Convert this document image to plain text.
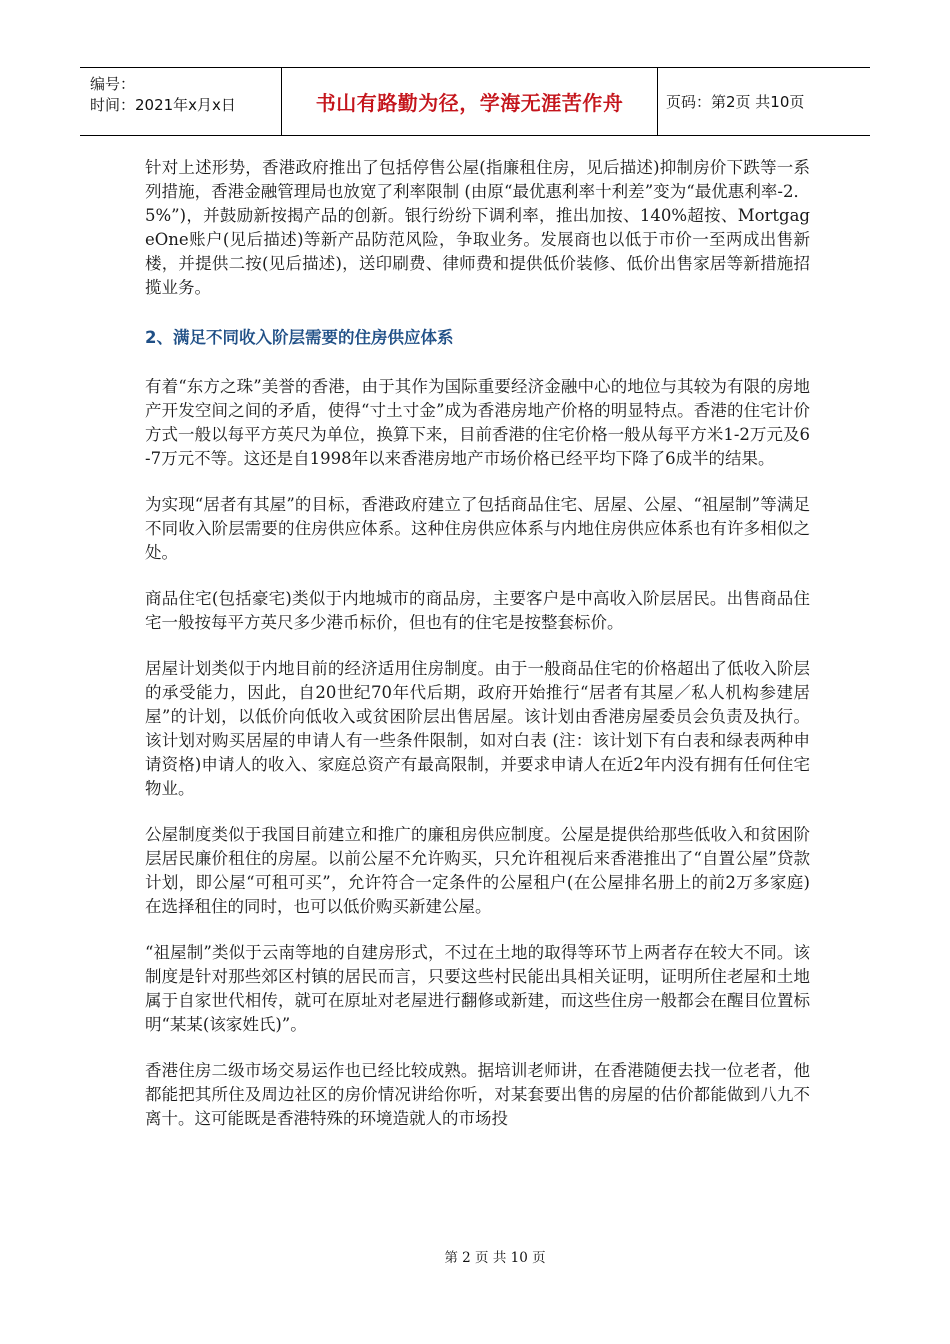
编号：
时间：2021年x月x日	书山有路勤为径，学海无涯苦作舟	页码：第2页 共10页

针对上述形势，香港政府推出了包括停售公屋(指廉租住房，见后描述)抑制房价下跌等一系列措施，香港金融管理局也放宽了利率限制 (由原“最优惠利率十利差”变为“最优惠利率-2．5%”)，并鼓励新按揭产品的创新。银行纷纷下调利率，推出加按、140%超按、MortgageOne账户(见后描述)等新产品防范风险，争取业务。发展商也以低于市价一至两成出售新楼，并提供二按(见后描述)，送印刷费、律师费和提供低价装修、低价出售家居等新措施招揽业务。

2、满足不同收入阶层需要的住房供应体系

有着“东方之珠”美誉的香港，由于其作为国际重要经济金融中心的地位与其较为有限的房地产开发空间之间的矛盾，使得“寸土寸金”成为香港房地产价格的明显特点。香港的住宅计价方式一般以每平方英尺为单位，换算下来，目前香港的住宅价格一般从每平方米1-2万元及6-7万元不等。这还是自1998年以来香港房地产市场价格已经平均下降了6成半的结果。

为实现“居者有其屋”的目标，香港政府建立了包括商品住宅、居屋、公屋、“祖屋制”等满足不同收入阶层需要的住房供应体系。这种住房供应体系与内地住房供应体系也有许多相似之处。

商品住宅(包括豪宅)类似于内地城市的商品房，主要客户是中高收入阶层居民。出售商品住宅一般按每平方英尺多少港币标价，但也有的住宅是按整套标价。

居屋计划类似于内地目前的经济适用住房制度。由于一般商品住宅的价格超出了低收入阶层的承受能力，因此，自20世纪70年代后期，政府开始推行“居者有其屋／私人机构参建居屋”的计划，以低价向低收入或贫困阶层出售居屋。该计划由香港房屋委员会负责及执行。该计划对购买居屋的申请人有一些条件限制，如对白表 (注：该计划下有白表和绿表两种申请资格)申请人的收入、家庭总资产有最高限制，并要求申请人在近2年内没有拥有任何住宅物业。

公屋制度类似于我国目前建立和推广的廉租房供应制度。公屋是提供给那些低收入和贫困阶层居民廉价租住的房屋。以前公屋不允许购买，只允许租视后来香港推出了“自置公屋”贷款计划，即公屋“可租可买”，允许符合一定条件的公屋租户(在公屋排名册上的前2万多家庭)在选择租住的同时，也可以低价购买新建公屋。

“祖屋制”类似于云南等地的自建房形式，不过在土地的取得等环节上两者存在较大不同。该制度是针对那些郊区村镇的居民而言，只要这些村民能出具相关证明，证明所住老屋和土地属于自家世代相传，就可在原址对老屋进行翻修或新建，而这些住房一般都会在醒目位置标明“某某(该家姓氏)”。

香港住房二级市场交易运作也已经比较成熟。据培训老师讲，在香港随便去找一位老者，他都能把其所住及周边社区的房价情况讲给你听，对某套要出售的房屋的估价都能做到八九不离十。这可能既是香港特殊的环境造就人的市场投

第 2 页 共 10 页
